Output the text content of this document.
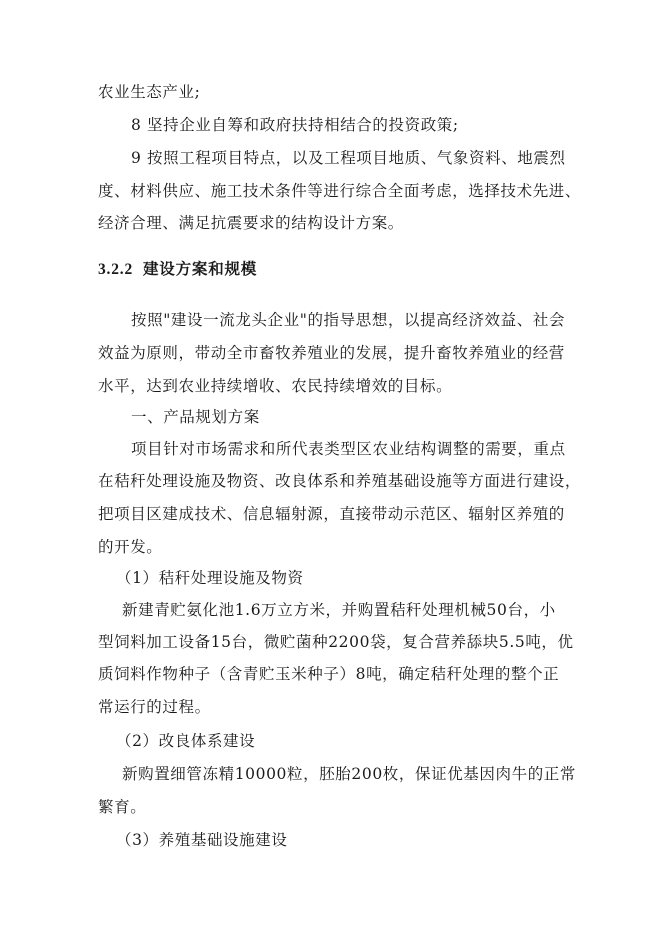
农业生态产业;
8 坚持企业自筹和政府扶持相结合的投资政策;
9 按照工程项目特点，以及工程项目地质、气象资料、地震烈
度、材料供应、施工技术条件等进行综合全面考虑，选择技术先进、
经济合理、满足抗震要求的结构设计方案。
3.2.2 建设方案和规模
按照"建设一流龙头企业"的指导思想，以提高经济效益、社会
效益为原则，带动全市畜牧养殖业的发展，提升畜牧养殖业的经营
水平，达到农业持续增收、农民持续增效的目标。
一、产品规划方案
项目针对市场需求和所代表类型区农业结构调整的需要，重点
在秸秆处理设施及物资、改良体系和养殖基础设施等方面进行建设，
把项目区建成技术、信息辐射源，直接带动示范区、辐射区养殖的
的开发。
（1）秸秆处理设施及物资
新建青贮氨化池1.6万立方米，并购置秸秆处理机械50台，小
型饲料加工设备15台，微贮菌种2200袋，复合营养舔块5.5吨，优
质饲料作物种子（含青贮玉米种子）8吨，确定秸秆处理的整个正
常运行的过程。
（2）改良体系建设
新购置细管冻精10000粒，胚胎200枚，保证优基因肉牛的正常
繁育。
（3）养殖基础设施建设
